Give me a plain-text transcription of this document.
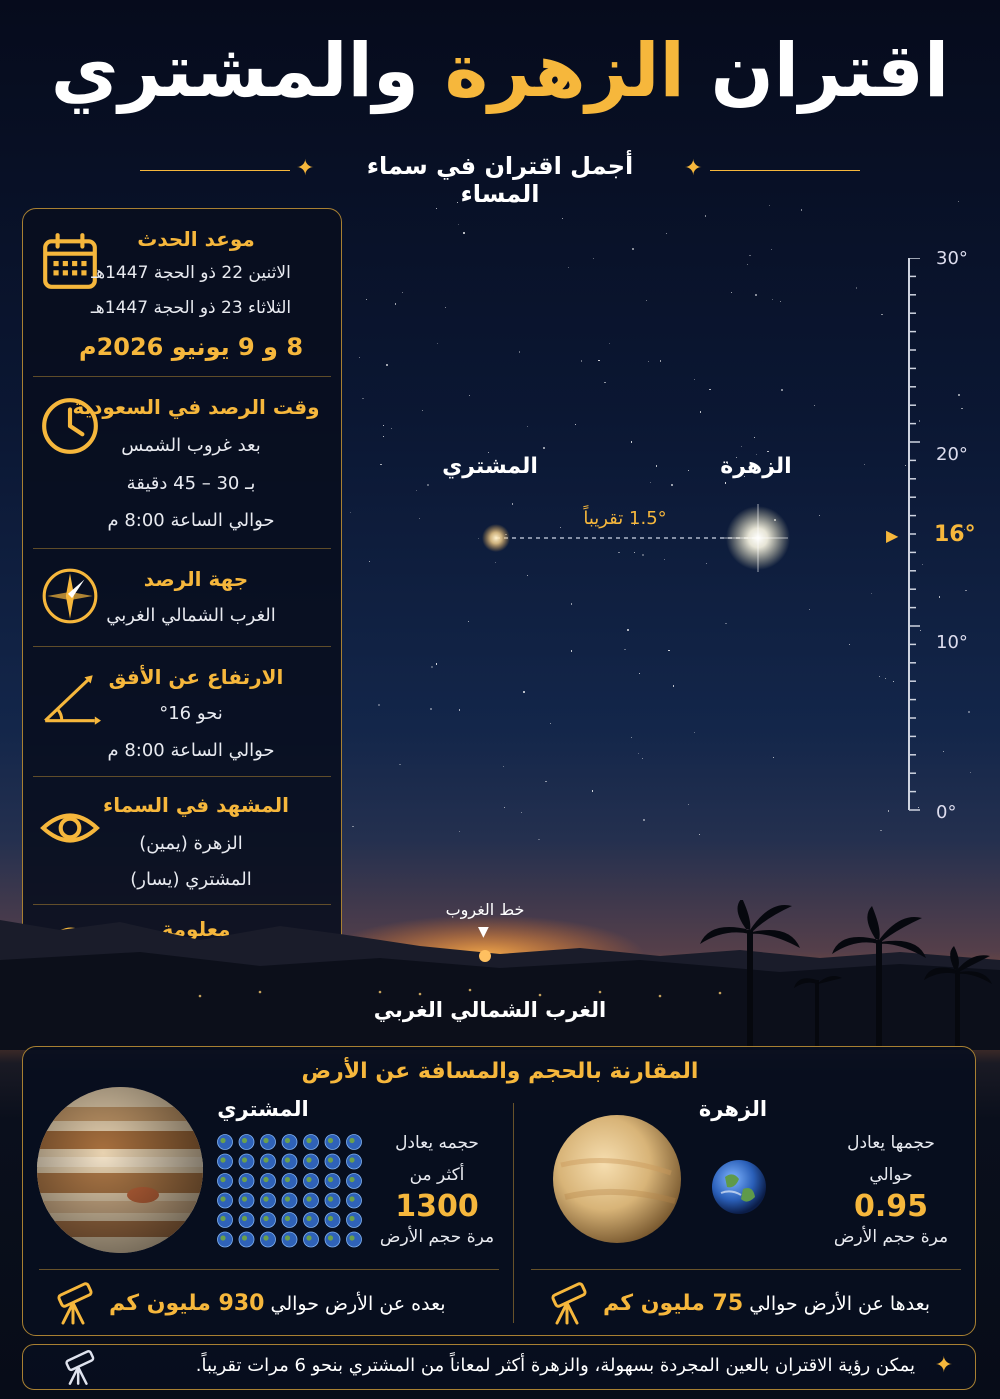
اقتران الزهرة والمشتري
✦	أجمل اقتران في سماء المساء
✦
موعد الحدث
الاثنين 22 ذو الحجة 1447هـ
الثلاثاء 23 ذو الحجة 1447هـ
8 و 9 يونيو 2026م
وقت الرصد في السعودية
بعد غروب الشمس
بـ 30 – 45 دقيقة
حوالي الساعة 8:00 م
جهة الرصد
الغرب الشمالي الغربي
الارتفاع عن الأفق
نحو 16°
حوالي الساعة 8:00 م
المشهد في السماء
الزهرة (يمين)
المشتري (يسار)
معلومة
المشتري	الزهرة
1.5° تقريباً
30°
20°
10°
0°
▶ 16°
خط الغروب
▼
الغرب الشمالي الغربي
المقارنة بالحجم والمسافة عن الأرض
الزهرة
حجمها يعادل
حوالي
0.95
مرة حجم الأرض
بعدها عن الأرض حوالي 75 مليون كم
المشتري
حجمه يعادل
أكثر من
1300
مرة حجم الأرض
بعده عن الأرض حوالي 930 مليون كم
✦
يمكن رؤية الاقتران بالعين المجردة بسهولة، والزهرة أكثر لمعاناً من المشتري بنحو 6 مرات تقريباً.
